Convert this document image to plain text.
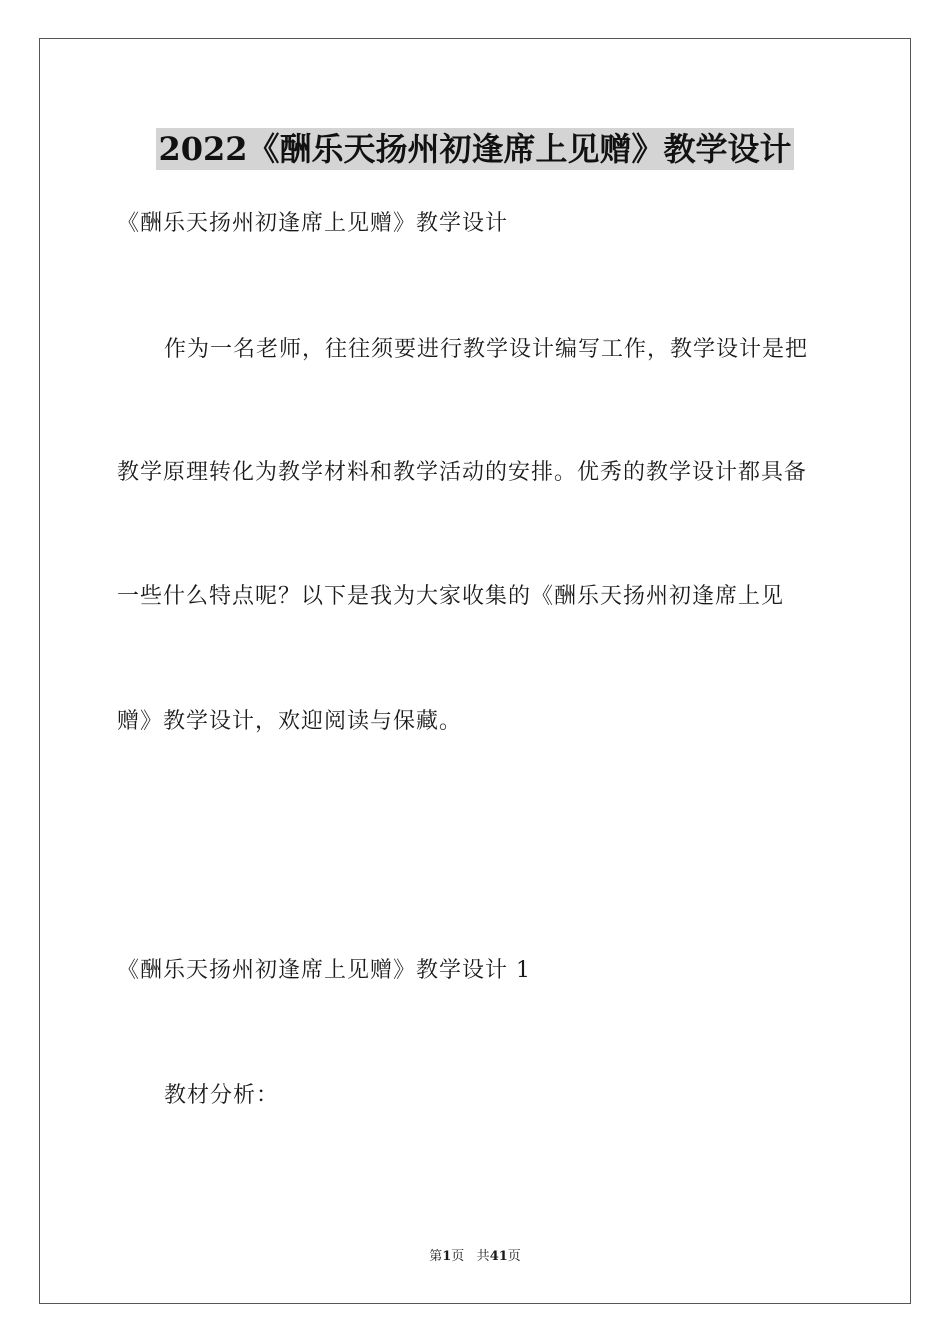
2022《酬乐天扬州初逢席上见赠》教学设计
《酬乐天扬州初逢席上见赠》教学设计
作为一名老师，往往须要进行教学设计编写工作，教学设计是把
教学原理转化为教学材料和教学活动的安排。优秀的教学设计都具备
一些什么特点呢？以下是我为大家收集的《酬乐天扬州初逢席上见
赠》教学设计，欢迎阅读与保藏。
《酬乐天扬州初逢席上见赠》教学设计 1
教材分析：
第1页 共41页
